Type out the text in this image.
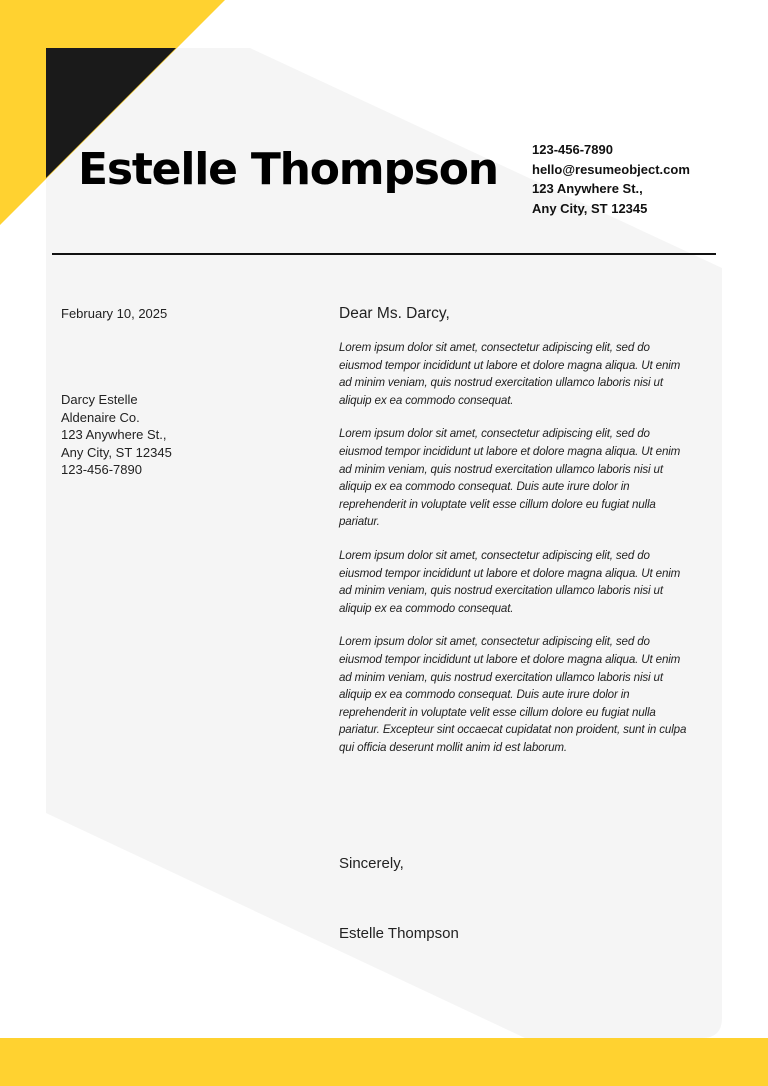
Estelle Thompson	123-456-7890
hello@resumeobject.com
123 Anywhere St.,
Any City, ST 12345
February 10, 2025
Darcy Estelle
Aldenaire Co.
123 Anywhere St.,
Any City, ST 12345
123-456-7890
Dear Ms. Darcy,

Lorem ipsum dolor sit amet, consectetur adipiscing elit, sed do eiusmod tempor incididunt ut labore et dolore magna aliqua. Ut enim ad minim veniam, quis nostrud exercitation ullamco laboris nisi ut aliquip ex ea commodo consequat.

Lorem ipsum dolor sit amet, consectetur adipiscing elit, sed do eiusmod tempor incididunt ut labore et dolore magna aliqua. Ut enim ad minim veniam, quis nostrud exercitation ullamco laboris nisi ut aliquip ex ea commodo consequat. Duis aute irure dolor in reprehenderit in voluptate velit esse cillum dolore eu fugiat nulla pariatur.

Lorem ipsum dolor sit amet, consectetur adipiscing elit, sed do eiusmod tempor incididunt ut labore et dolore magna aliqua. Ut enim ad minim veniam, quis nostrud exercitation ullamco laboris nisi ut aliquip ex ea commodo consequat.

Lorem ipsum dolor sit amet, consectetur adipiscing elit, sed do eiusmod tempor incididunt ut labore et dolore magna aliqua. Ut enim ad minim veniam, quis nostrud exercitation ullamco laboris nisi ut aliquip ex ea commodo consequat. Duis aute irure dolor in reprehenderit in voluptate velit esse cillum dolore eu fugiat nulla pariatur. Excepteur sint occaecat cupidatat non proident, sunt in culpa qui officia deserunt mollit anim id est laborum.

Sincerely,
Estelle Thompson
